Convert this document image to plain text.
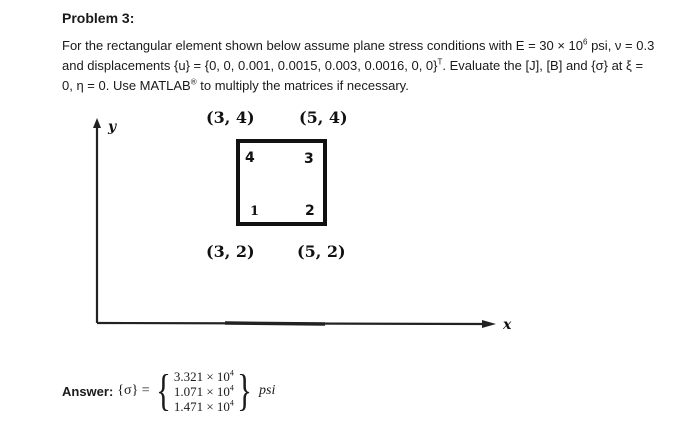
Problem 3:
For the rectangular element shown below assume plane stress conditions with $E = 30 \times 10^6$ psi, ν = 0.3
and displacements {u} = {0, 0, 0.001, 0.0015, 0.003, 0.0016, 0, 0}$^T$. Evaluate the [J], [B] and {σ} at ξ =
0, η = 0. Use MATLAB® to multiply the matrices if necessary.
y
x
(3, 4)	(5, 4)
(3, 2)	(5, 2)
4	3
1	2
Answer: {σ} = { $3.321 \times 10^4$
$1.071 \times 10^4$
$1.471 \times 10^4$ } psi
